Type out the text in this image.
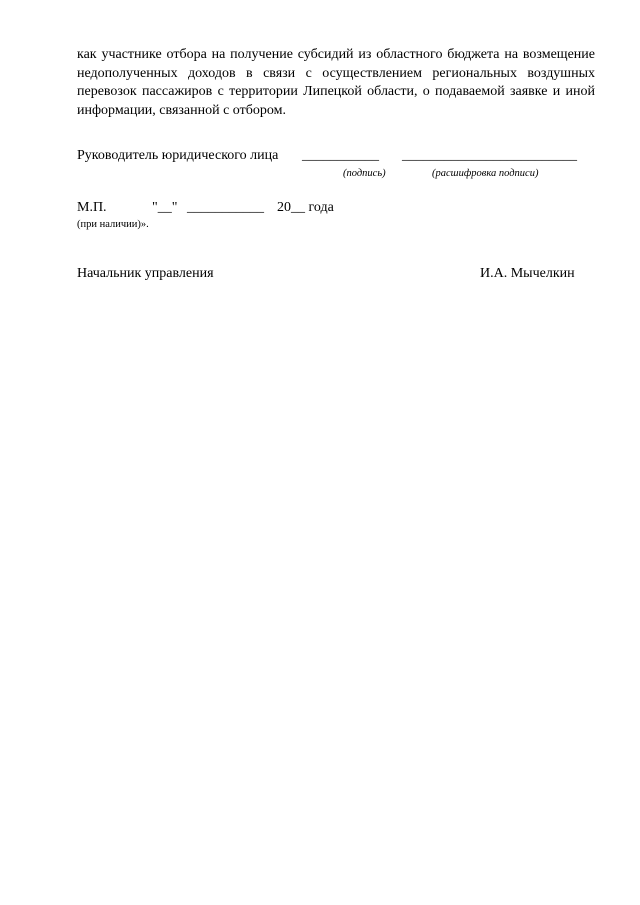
как участнике отбора на получение субсидий из областного бюджета на возмещение недополученных доходов в связи с осуществлением региональных воздушных перевозок пассажиров с территории Липецкой области, о подаваемой заявке и иной информации, связанной с отбором.

Руководитель юридического лица ___________ _________________________
(подпись)	(расшифровка подписи)
М.П.	"__" ___________ 20__ года
(при наличии)».
Начальник управления	И.А. Мычелкин
